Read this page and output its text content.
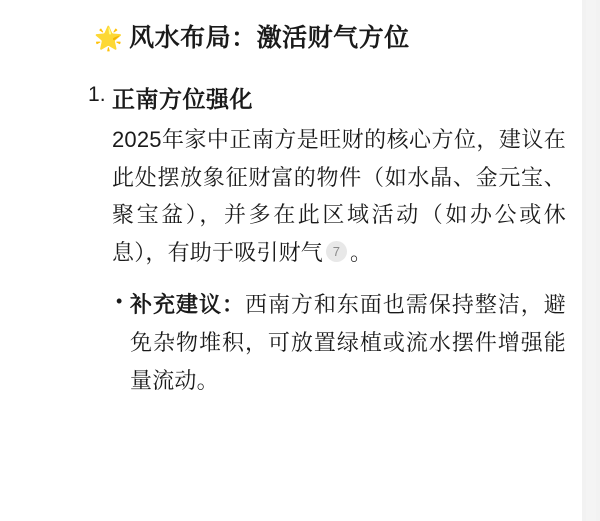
🌟 风水布局：激活财气方位
正南方位强化

2025年家中正南方是旺财的核心方位，建议在此处摆放象征财富的物件（如水晶、金元宝、聚宝盆），并多在此区域活动（如办公或休息），有助于吸引财气 7 。

• 补充建议：西南方和东面也需保持整洁，避免杂物堆积，可放置绿植或流水摆件增强能量流动。
